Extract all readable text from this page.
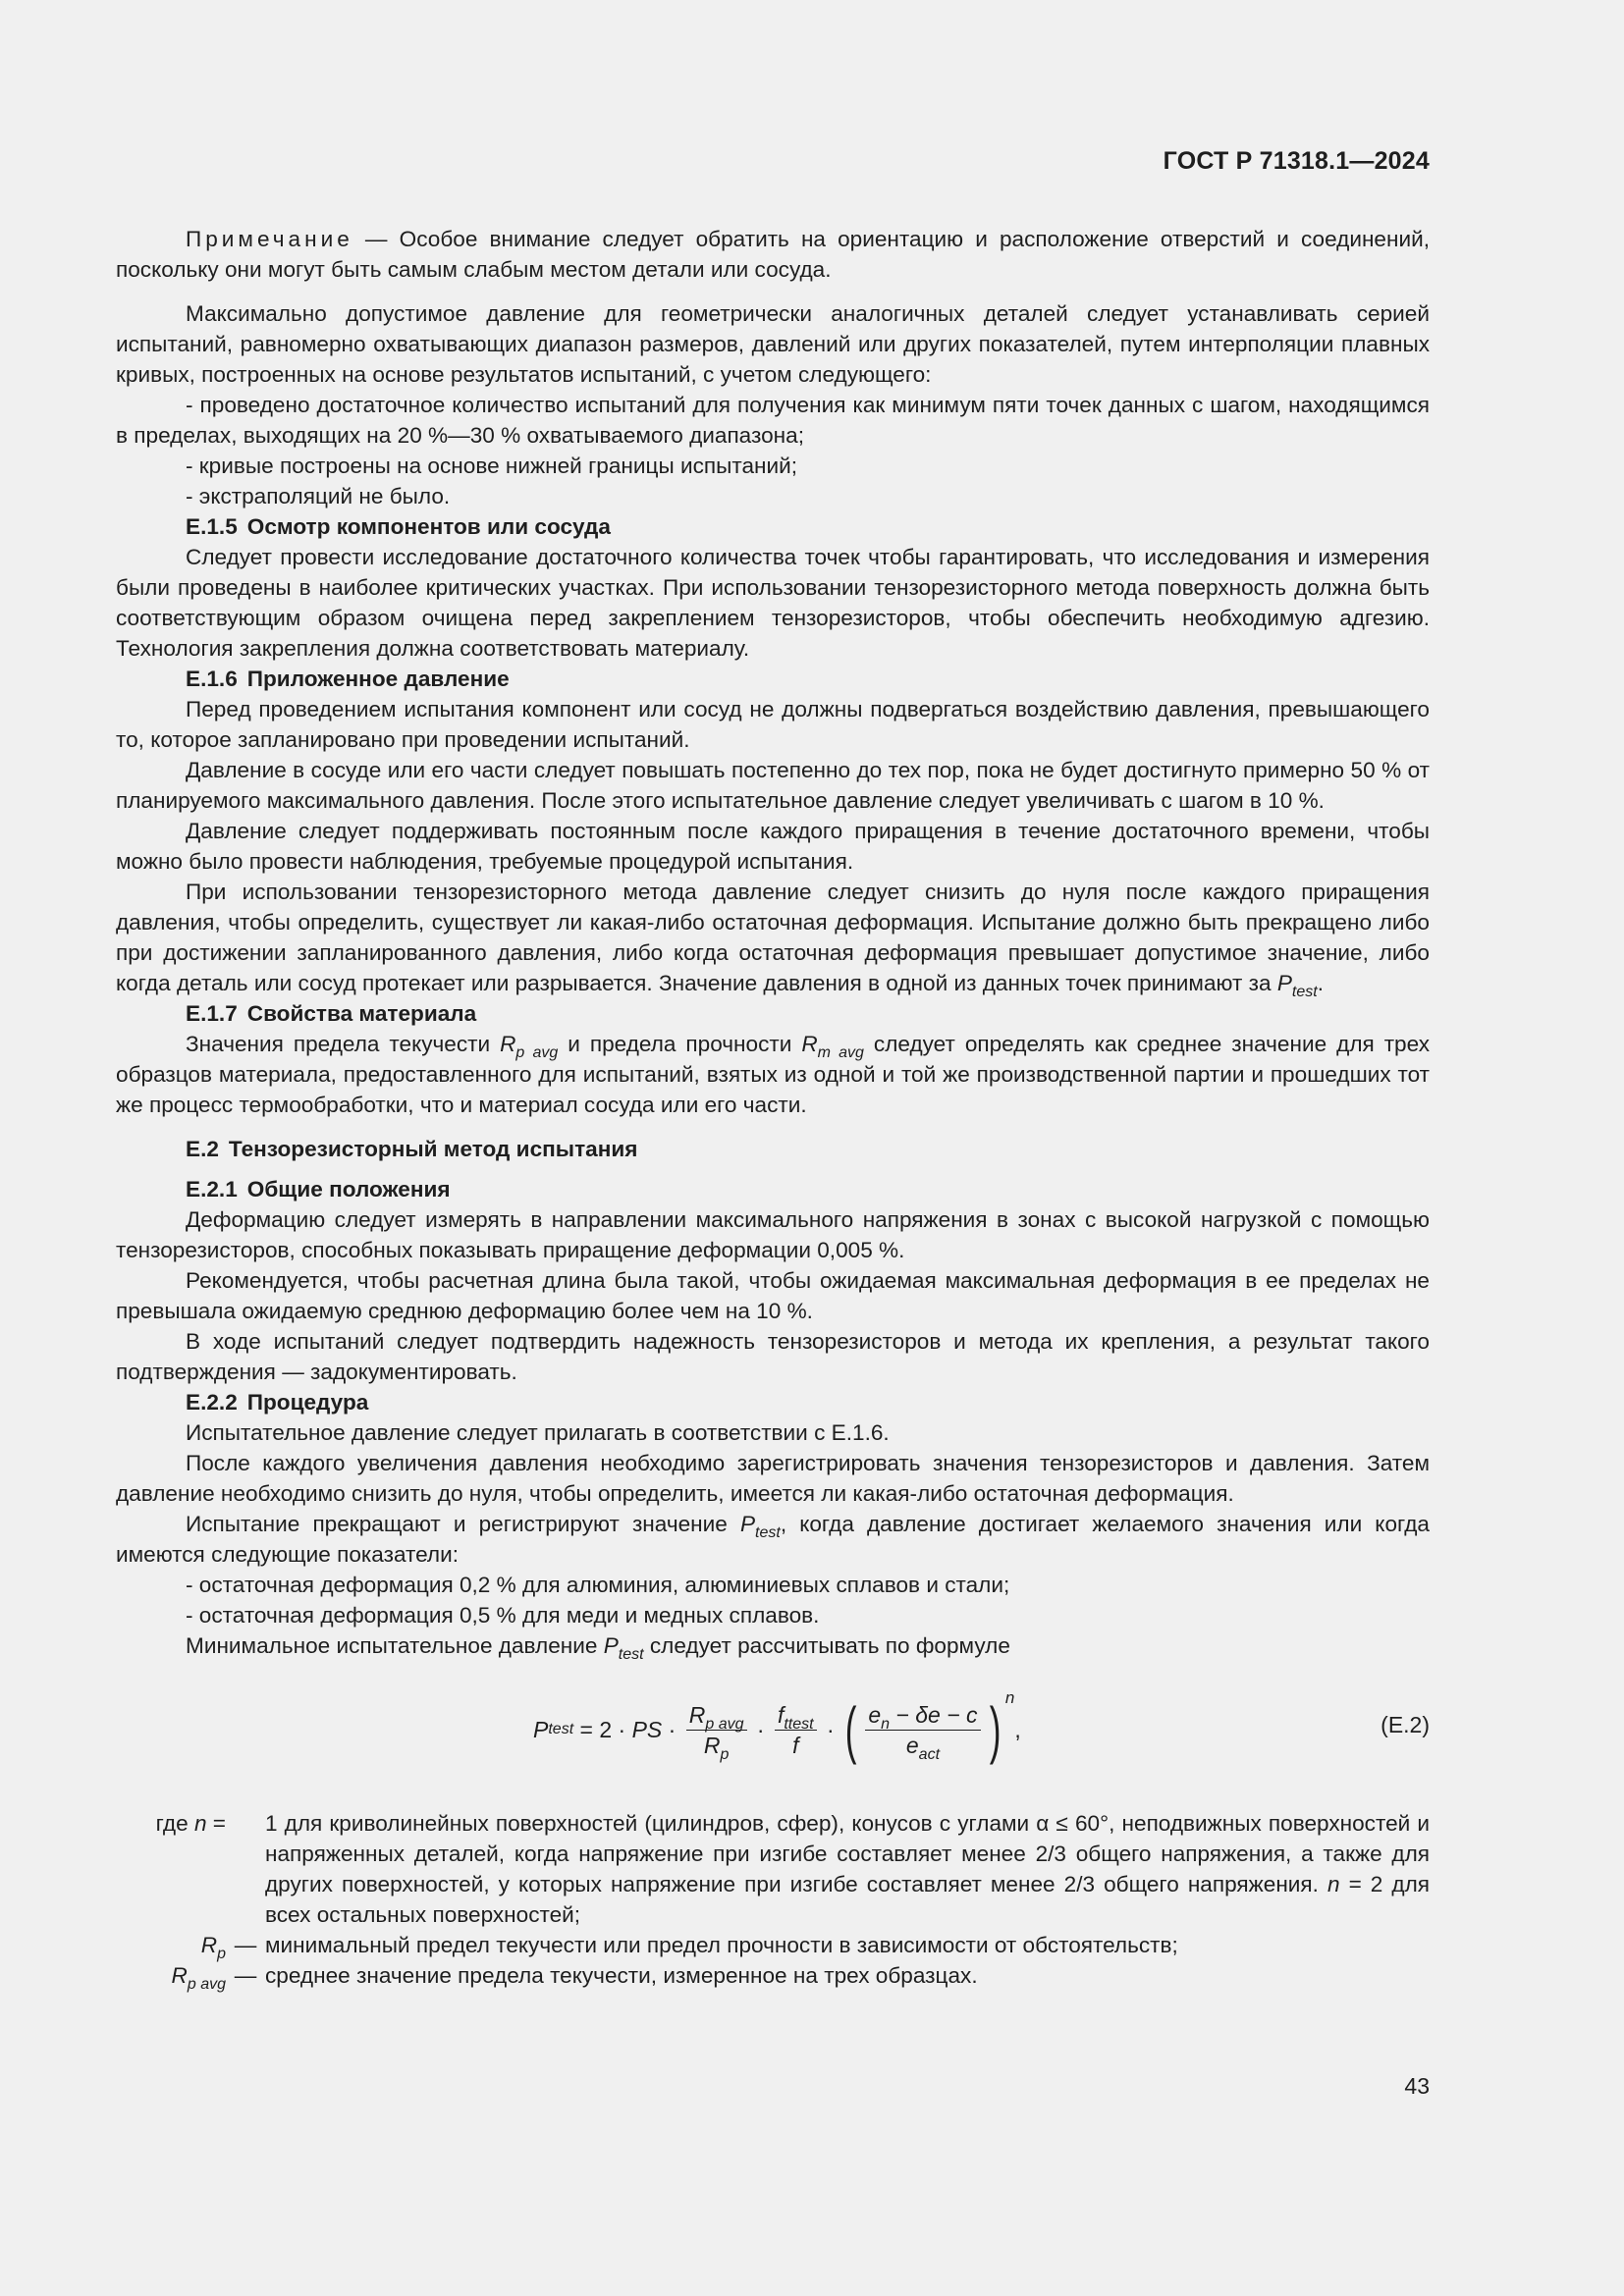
ГОСТ Р 71318.1—2024

Примечание — Особое внимание следует обратить на ориентацию и расположение отверстий и соединений, поскольку они могут быть самым слабым местом детали или сосуда.

Максимально допустимое давление для геометрически аналогичных деталей следует устанавливать серией испытаний, равномерно охватывающих диапазон размеров, давлений или других показателей, путем интерполяции плавных кривых, построенных на основе результатов испытаний, с учетом следующего:

- проведено достаточное количество испытаний для получения как минимум пяти точек данных с шагом, находящимся в пределах, выходящих на 20 %—30 % охватываемого диапазона;

- кривые построены на основе нижней границы испытаний;

- экстраполяций не было.

Е.1.5 Осмотр компонентов или сосуда

Следует провести исследование достаточного количества точек чтобы гарантировать, что исследования и измерения были проведены в наиболее критических участках. При использовании тензорезисторного метода поверхность должна быть соответствующим образом очищена перед закреплением тензорезисторов, чтобы обеспечить необходимую адгезию. Технология закрепления должна соответствовать материалу.

Е.1.6 Приложенное давление

Перед проведением испытания компонент или сосуд не должны подвергаться воздействию давления, превышающего то, которое запланировано при проведении испытаний.

Давление в сосуде или его части следует повышать постепенно до тех пор, пока не будет достигнуто примерно 50 % от планируемого максимального давления. После этого испытательное давление следует увеличивать с шагом в 10 %.

Давление следует поддерживать постоянным после каждого приращения в течение достаточного времени, чтобы можно было провести наблюдения, требуемые процедурой испытания.

При использовании тензорезисторного метода давление следует снизить до нуля после каждого приращения давления, чтобы определить, существует ли какая-либо остаточная деформация. Испытание должно быть прекращено либо при достижении запланированного давления, либо когда остаточная деформация превышает допустимое значение, либо когда деталь или сосуд протекает или разрывается. Значение давления в одной из данных точек принимают за $P_{test}$.

Е.1.7 Свойства материала

Значения предела текучести $R_{p avg}$ и предела прочности $R_{m avg}$ следует определять как среднее значение для трех образцов материала, предоставленного для испытаний, взятых из одной и той же производственной партии и прошедших тот же процесс термообработки, что и материал сосуда или его части.

Е.2 Тензорезисторный метод испытания

Е.2.1 Общие положения

Деформацию следует измерять в направлении максимального напряжения в зонах с высокой нагрузкой с помощью тензорезисторов, способных показывать приращение деформации 0,005 %.

Рекомендуется, чтобы расчетная длина была такой, чтобы ожидаемая максимальная деформация в ее пределах не превышала ожидаемую среднюю деформацию более чем на 10 %.

В ходе испытаний следует подтвердить надежность тензорезисторов и метода их крепления, а результат такого подтверждения — задокументировать.

Е.2.2 Процедура

Испытательное давление следует прилагать в соответствии с Е.1.6.

После каждого увеличения давления необходимо зарегистрировать значения тензорезисторов и давления. Затем давление необходимо снизить до нуля, чтобы определить, имеется ли какая-либо остаточная деформация.

Испытание прекращают и регистрируют значение $P_{test}$, когда давление достигает желаемого значения или когда имеются следующие показатели:

- остаточная деформация 0,2 % для алюминия, алюминиевых сплавов и стали;

- остаточная деформация 0,5 % для меди и медных сплавов.

Минимальное испытательное давление $P_{test}$ следует рассчитывать по формуле

P test = 2 · PS · $\frac{R_{p avg}}{R_p} \cdot \frac{f_{ttest}}{f}$ · ( $\frac{e_n - \delta e - c}{e_{act}}$ ) $^n$
,	(Е.2)
где n = 1 для криволинейных поверхностей (цилиндров, сфер), конусов с углами α ≤ 60°, неподвижных поверхностей и напряженных деталей, когда напряжение при изгибе составляет менее 2/3 общего напряжения, а также для других поверхностей, у которых напряжение при изгибе составляет менее 2/3 общего напряжения. n = 2 для всех остальных поверхностей;
$R_p$ — минимальный предел текучести или предел прочности в зависимости от обстоятельств;
$R_{p avg}$ — среднее значение предела текучести, измеренное на трех образцах.
43
